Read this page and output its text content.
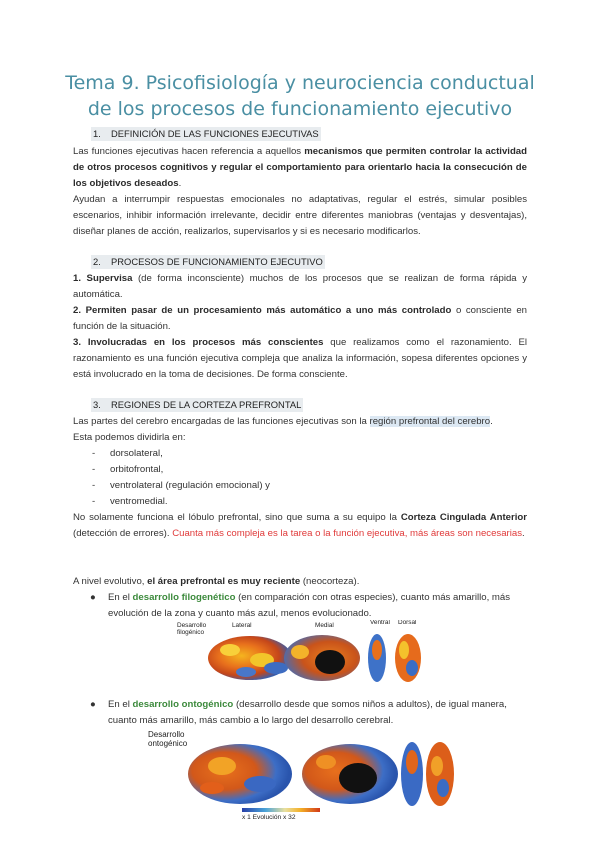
Tema 9. Psicofisiología y neurociencia conductual de los procesos de funcionamiento ejecutivo
1. DEFINICIÓN DE LAS FUNCIONES EJECUTIVAS
Las funciones ejecutivas hacen referencia a aquellos mecanismos que permiten controlar la actividad de otros procesos cognitivos y regular el comportamiento para orientarlo hacia la consecución de los objetivos deseados.
Ayudan a interrumpir respuestas emocionales no adaptativas, regular el estrés, simular posibles escenarios, inhibir información irrelevante, decidir entre diferentes maniobras (ventajas y desventajas), diseñar planes de acción, realizarlos, supervisarlos y si es necesario modificarlos.
2. PROCESOS DE FUNCIONAMIENTO EJECUTIVO
1. Supervisa (de forma inconsciente) muchos de los procesos que se realizan de forma rápida y automática.
2. Permiten pasar de un procesamiento más automático a uno más controlado o consciente en función de la situación.
3. Involucradas en los procesos más conscientes que realizamos como el razonamiento. El razonamiento es una función ejecutiva compleja que analiza la información, sopesa diferentes opciones y está involucrado en la toma de decisiones. De forma consciente.
3. REGIONES DE LA CORTEZA PREFRONTAL
Las partes del cerebro encargadas de las funciones ejecutivas son la región prefrontal del cerebro.
Esta podemos dividirla en:
- dorsolateral,
- orbitofrontal,
- ventrolateral (regulación emocional) y
- ventromedial.
No solamente funciona el lóbulo prefrontal, sino que suma a su equipo la Corteza Cingulada Anterior (detección de errores). Cuanta más compleja es la tarea o la función ejecutiva, más áreas son necesarias.
A nivel evolutivo, el área prefrontal es muy reciente (neocorteza).
● En el desarrollo filogenético (en comparación con otras especies), cuanto más amarillo, más evolución de la zona y cuanto más azul, menos evolucionado.
Desarrollo
filogénico
Lateral	Medial	Ventral Dorsal
● En el desarrollo ontogénico (desarrollo desde que somos niños a adultos), de igual manera, cuanto más amarillo, más cambio a lo largo del desarrollo cerebral.
Desarrollo
ontogénico
x 1 Evolución x 32
